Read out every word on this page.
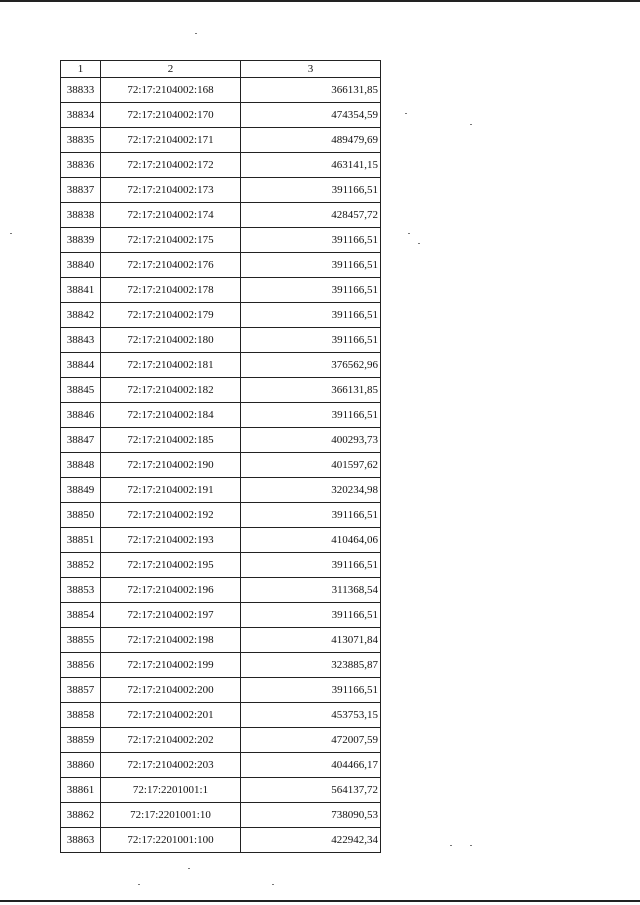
1	2	3
38833	72:17:2104002:168	366131,85
38834	72:17:2104002:170	474354,59
38835	72:17:2104002:171	489479,69
38836	72:17:2104002:172	463141,15
38837	72:17:2104002:173	391166,51
38838	72:17:2104002:174	428457,72
38839	72:17:2104002:175	391166,51
38840	72:17:2104002:176	391166,51
38841	72:17:2104002:178	391166,51
38842	72:17:2104002:179	391166,51
38843	72:17:2104002:180	391166,51
38844	72:17:2104002:181	376562,96
38845	72:17:2104002:182	366131,85
38846	72:17:2104002:184	391166,51
38847	72:17:2104002:185	400293,73
38848	72:17:2104002:190	401597,62
38849	72:17:2104002:191	320234,98
38850	72:17:2104002:192	391166,51
38851	72:17:2104002:193	410464,06
38852	72:17:2104002:195	391166,51
38853	72:17:2104002:196	311368,54
38854	72:17:2104002:197	391166,51
38855	72:17:2104002:198	413071,84
38856	72:17:2104002:199	323885,87
38857	72:17:2104002:200	391166,51
38858	72:17:2104002:201	453753,15
38859	72:17:2104002:202	472007,59
38860	72:17:2104002:203	404466,17
38861	72:17:2201001:1	564137,72
38862	72:17:2201001:10	738090,53
38863	72:17:2201001:100	422942,34
